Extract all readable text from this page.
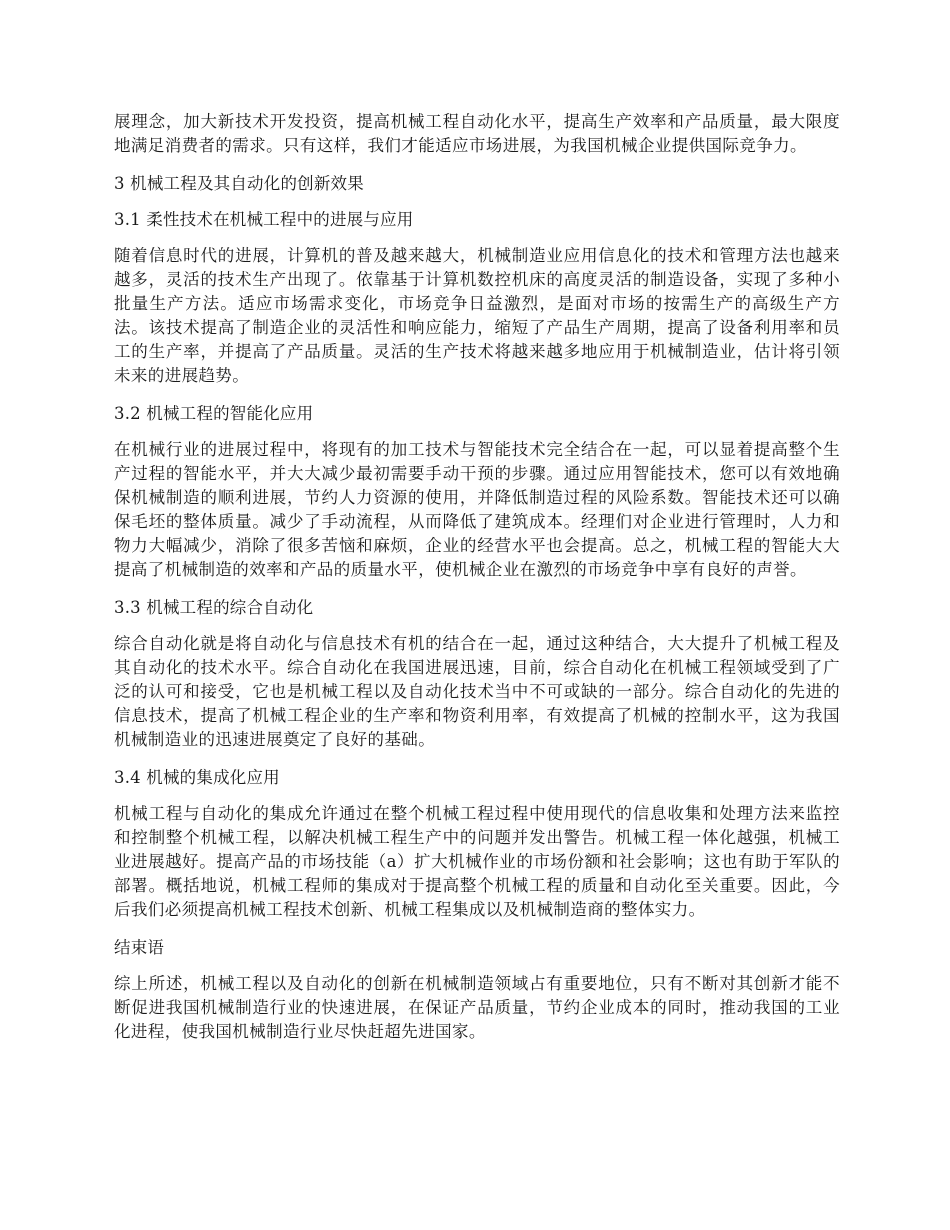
展理念，加大新技术开发投资，提高机械工程自动化水平，提高生产效率和产品质量，最大限度地满足消费者的需求。只有这样，我们才能适应市场进展，为我国机械企业提供国际竞争力。

3 机械工程及其自动化的创新效果

3.1 柔性技术在机械工程中的进展与应用

随着信息时代的进展，计算机的普及越来越大，机械制造业应用信息化的技术和管理方法也越来越多，灵活的技术生产出现了。依靠基于计算机数控机床的高度灵活的制造设备，实现了多种小批量生产方法。适应市场需求变化，市场竞争日益激烈，是面对市场的按需生产的高级生产方法。该技术提高了制造企业的灵活性和响应能力，缩短了产品生产周期，提高了设备利用率和员工的生产率，并提高了产品质量。灵活的生产技术将越来越多地应用于机械制造业，估计将引领未来的进展趋势。

3.2 机械工程的智能化应用

在机械行业的进展过程中，将现有的加工技术与智能技术完全结合在一起，可以显着提高整个生产过程的智能水平，并大大减少最初需要手动干预的步骤。通过应用智能技术，您可以有效地确保机械制造的顺利进展，节约人力资源的使用，并降低制造过程的风险系数。智能技术还可以确保毛坯的整体质量。减少了手动流程，从而降低了建筑成本。经理们对企业进行管理时，人力和物力大幅减少，消除了很多苦恼和麻烦，企业的经营水平也会提高。总之，机械工程的智能大大提高了机械制造的效率和产品的质量水平，使机械企业在激烈的市场竞争中享有良好的声誉。

3.3 机械工程的综合自动化

综合自动化就是将自动化与信息技术有机的结合在一起，通过这种结合，大大提升了机械工程及其自动化的技术水平。综合自动化在我国进展迅速，目前，综合自动化在机械工程领域受到了广泛的认可和接受，它也是机械工程以及自动化技术当中不可或缺的一部分。综合自动化的先进的信息技术，提高了机械工程企业的生产率和物资利用率，有效提高了机械的控制水平，这为我国机械制造业的迅速进展奠定了良好的基础。

3.4 机械的集成化应用

机械工程与自动化的集成允许通过在整个机械工程过程中使用现代的信息收集和处理方法来监控和控制整个机械工程，以解决机械工程生产中的问题并发出警告。机械工程一体化越强，机械工业进展越好。提高产品的市场技能（a）扩大机械作业的市场份额和社会影响；这也有助于军队的部署。概括地说，机械工程师的集成对于提高整个机械工程的质量和自动化至关重要。因此，今后我们必须提高机械工程技术创新、机械工程集成以及机械制造商的整体实力。

结束语

综上所述，机械工程以及自动化的创新在机械制造领域占有重要地位，只有不断对其创新才能不断促进我国机械制造行业的快速进展，在保证产品质量，节约企业成本的同时，推动我国的工业化进程，使我国机械制造行业尽快赶超先进国家。
